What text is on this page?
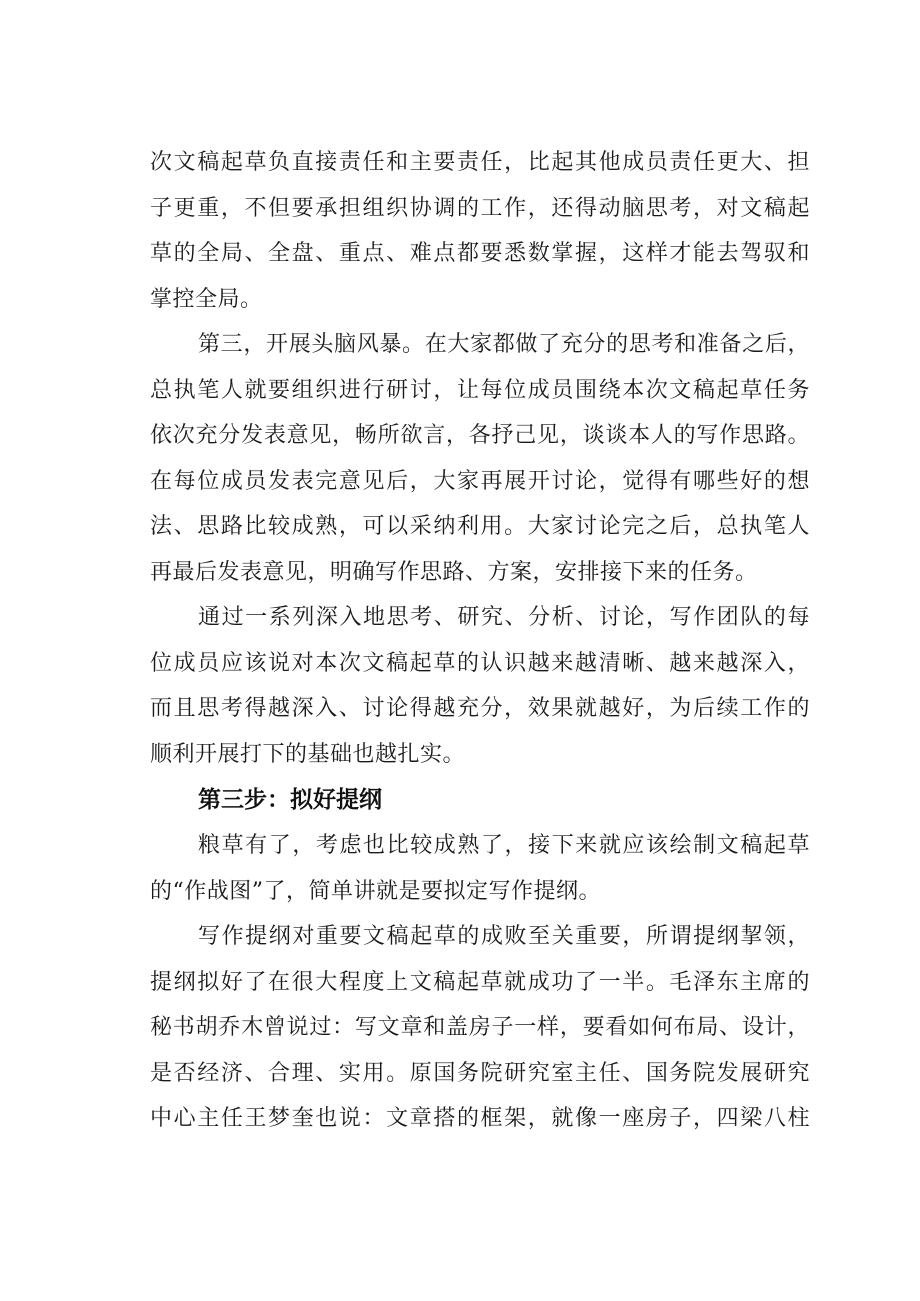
次文稿起草负直接责任和主要责任，比起其他成员责任更大、担
子更重，不但要承担组织协调的工作，还得动脑思考，对文稿起
草的全局、全盘、重点、难点都要悉数掌握，这样才能去驾驭和
掌控全局。
第三，开展头脑风暴。在大家都做了充分的思考和准备之后，
总执笔人就要组织进行研讨，让每位成员围绕本次文稿起草任务
依次充分发表意见，畅所欲言，各抒己见，谈谈本人的写作思路。
在每位成员发表完意见后，大家再展开讨论，觉得有哪些好的想
法、思路比较成熟，可以采纳利用。大家讨论完之后，总执笔人
再最后发表意见，明确写作思路、方案，安排接下来的任务。
通过一系列深入地思考、研究、分析、讨论，写作团队的每
位成员应该说对本次文稿起草的认识越来越清晰、越来越深入，
而且思考得越深入、讨论得越充分，效果就越好，为后续工作的
顺利开展打下的基础也越扎实。
第三步：拟好提纲
粮草有了，考虑也比较成熟了，接下来就应该绘制文稿起草
的“作战图”了，简单讲就是要拟定写作提纲。
写作提纲对重要文稿起草的成败至关重要，所谓提纲挈领，
提纲拟好了在很大程度上文稿起草就成功了一半。毛泽东主席的
秘书胡乔木曾说过：写文章和盖房子一样，要看如何布局、设计，
是否经济、合理、实用。原国务院研究室主任、国务院发展研究
中心主任王梦奎也说：文章搭的框架，就像一座房子，四梁八柱
